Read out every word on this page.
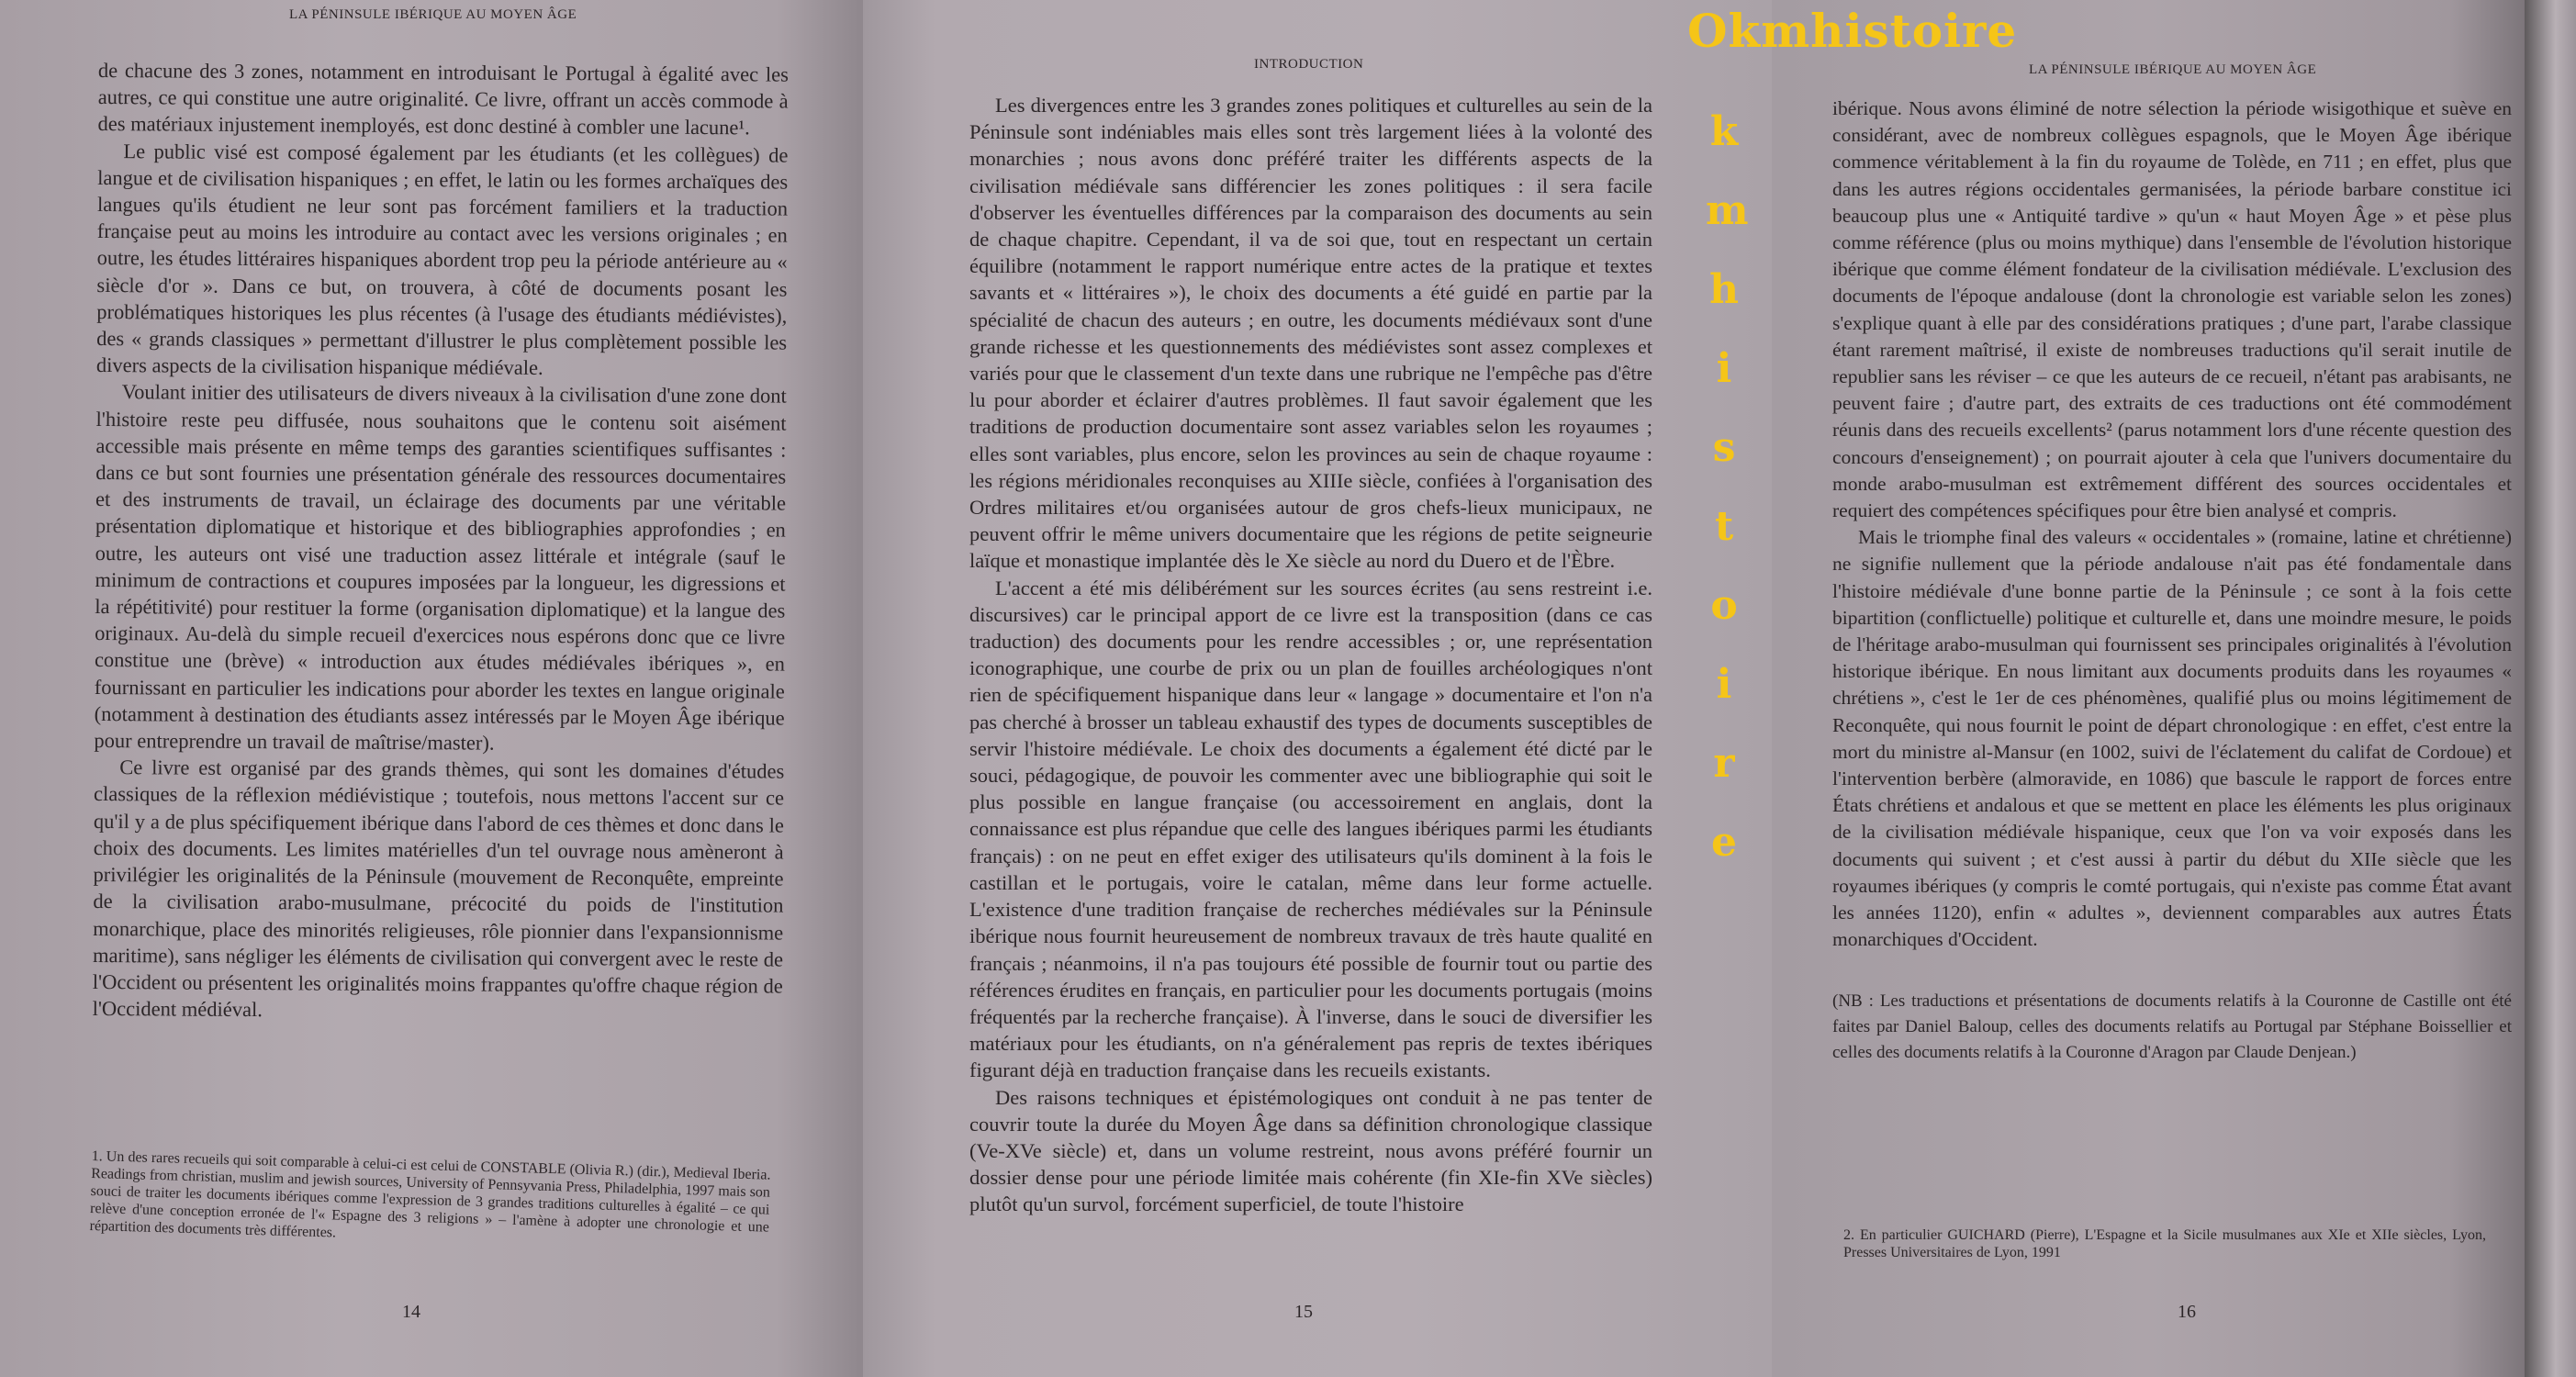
LA PÉNINSULE IBÉRIQUE AU MOYEN ÂGE

de chacune des 3 zones, notamment en introduisant le Portugal à égalité avec les autres, ce qui constitue une autre originalité. Ce livre, offrant un accès commode à des matériaux injustement inemployés, est donc destiné à combler une lacune¹.

Le public visé est composé également par les étudiants (et les collègues) de langue et de civilisation hispaniques ; en effet, le latin ou les formes archaïques des langues qu'ils étudient ne leur sont pas forcément familiers et la traduction française peut au moins les introduire au contact avec les versions originales ; en outre, les études littéraires hispaniques abordent trop peu la période antérieure au « siècle d'or ». Dans ce but, on trouvera, à côté de documents posant les problématiques historiques les plus récentes (à l'usage des étudiants médiévistes), des « grands classiques » permettant d'illustrer le plus complètement possible les divers aspects de la civilisation hispanique médiévale.

Voulant initier des utilisateurs de divers niveaux à la civilisation d'une zone dont l'histoire reste peu diffusée, nous souhaitons que le contenu soit aisément accessible mais présente en même temps des garanties scientifiques suffisantes : dans ce but sont fournies une présentation générale des ressources documentaires et des instruments de travail, un éclairage des documents par une véritable présentation diplomatique et historique et des bibliographies approfondies ; en outre, les auteurs ont visé une traduction assez littérale et intégrale (sauf le minimum de contractions et coupures imposées par la longueur, les digressions et la répétitivité) pour restituer la forme (organisation diplomatique) et la langue des originaux. Au-delà du simple recueil d'exercices nous espérons donc que ce livre constitue une (brève) « introduction aux études médiévales ibériques », en fournissant en particulier les indications pour aborder les textes en langue originale (notamment à destination des étudiants assez intéressés par le Moyen Âge ibérique pour entreprendre un travail de maîtrise/master).

Ce livre est organisé par des grands thèmes, qui sont les domaines d'études classiques de la réflexion médiévistique ; toutefois, nous mettons l'accent sur ce qu'il y a de plus spécifiquement ibérique dans l'abord de ces thèmes et donc dans le choix des documents. Les limites matérielles d'un tel ouvrage nous amèneront à privilégier les originalités de la Péninsule (mouvement de Reconquête, empreinte de la civilisation arabo-musulmane, précocité du poids de l'institution monarchique, place des minorités religieuses, rôle pionnier dans l'expansionnisme maritime), sans négliger les éléments de civilisation qui convergent avec le reste de l'Occident ou présentent les originalités moins frappantes qu'offre chaque région de l'Occident médiéval.

1. Un des rares recueils qui soit comparable à celui-ci est celui de CONSTABLE (Olivia R.) (dir.), Medieval Iberia. Readings from christian, muslim and jewish sources, University of Pennsyvania Press, Philadelphia, 1997 mais son souci de traiter les documents ibériques comme l'expression de 3 grandes traditions culturelles à égalité – ce qui relève d'une conception erronée de l'« Espagne des 3 religions » – l'amène à adopter une chronologie et une répartition des documents très différentes.
14
INTRODUCTION

Les divergences entre les 3 grandes zones politiques et culturelles au sein de la Péninsule sont indéniables mais elles sont très largement liées à la volonté des monarchies ; nous avons donc préféré traiter les différents aspects de la civilisation médiévale sans différencier les zones politiques : il sera facile d'observer les éventuelles différences par la comparaison des documents au sein de chaque chapitre. Cependant, il va de soi que, tout en respectant un certain équilibre (notamment le rapport numérique entre actes de la pratique et textes savants et « littéraires »), le choix des documents a été guidé en partie par la spécialité de chacun des auteurs ; en outre, les documents médiévaux sont d'une grande richesse et les questionnements des médiévistes sont assez complexes et variés pour que le classement d'un texte dans une rubrique ne l'empêche pas d'être lu pour aborder et éclairer d'autres problèmes. Il faut savoir également que les traditions de production documentaire sont assez variables selon les royaumes ; elles sont variables, plus encore, selon les provinces au sein de chaque royaume : les régions méridionales reconquises au XIIIe siècle, confiées à l'organisation des Ordres militaires et/ou organisées autour de gros chefs-lieux municipaux, ne peuvent offrir le même univers documentaire que les régions de petite seigneurie laïque et monastique implantée dès le Xe siècle au nord du Duero et de l'Èbre.

L'accent a été mis délibérément sur les sources écrites (au sens restreint i.e. discursives) car le principal apport de ce livre est la transposition (dans ce cas traduction) des documents pour les rendre accessibles ; or, une représentation iconographique, une courbe de prix ou un plan de fouilles archéologiques n'ont rien de spécifiquement hispanique dans leur « langage » documentaire et l'on n'a pas cherché à brosser un tableau exhaustif des types de documents susceptibles de servir l'histoire médiévale. Le choix des documents a également été dicté par le souci, pédagogique, de pouvoir les commenter avec une bibliographie qui soit le plus possible en langue française (ou accessoirement en anglais, dont la connaissance est plus répandue que celle des langues ibériques parmi les étudiants français) : on ne peut en effet exiger des utilisateurs qu'ils dominent à la fois le castillan et le portugais, voire le catalan, même dans leur forme actuelle. L'existence d'une tradition française de recherches médiévales sur la Péninsule ibérique nous fournit heureusement de nombreux travaux de très haute qualité en français ; néanmoins, il n'a pas toujours été possible de fournir tout ou partie des références érudites en français, en particulier pour les documents portugais (moins fréquentés par la recherche française). À l'inverse, dans le souci de diversifier les matériaux pour les étudiants, on n'a généralement pas repris de textes ibériques figurant déjà en traduction française dans les recueils existants.

Des raisons techniques et épistémologiques ont conduit à ne pas tenter de couvrir toute la durée du Moyen Âge dans sa définition chronologique classique (Ve-XVe siècle) et, dans un volume restreint, nous avons préféré fournir un dossier dense pour une période limitée mais cohérente (fin XIe-fin XVe siècles) plutôt qu'un survol, forcément superficiel, de toute l'histoire

15
LA PÉNINSULE IBÉRIQUE AU MOYEN ÂGE

ibérique. Nous avons éliminé de notre sélection la période wisigothique et suève en considérant, avec de nombreux collègues espagnols, que le Moyen Âge ibérique commence véritablement à la fin du royaume de Tolède, en 711 ; en effet, plus que dans les autres régions occidentales germanisées, la période barbare constitue ici beaucoup plus une « Antiquité tardive » qu'un « haut Moyen Âge » et pèse plus comme référence (plus ou moins mythique) dans l'ensemble de l'évolution historique ibérique que comme élément fondateur de la civilisation médiévale. L'exclusion des documents de l'époque andalouse (dont la chronologie est variable selon les zones) s'explique quant à elle par des considérations pratiques ; d'une part, l'arabe classique étant rarement maîtrisé, il existe de nombreuses traductions qu'il serait inutile de republier sans les réviser – ce que les auteurs de ce recueil, n'étant pas arabisants, ne peuvent faire ; d'autre part, des extraits de ces traductions ont été commodément réunis dans des recueils excellents² (parus notamment lors d'une récente question des concours d'enseignement) ; on pourrait ajouter à cela que l'univers documentaire du monde arabo-musulman est extrêmement différent des sources occidentales et requiert des compétences spécifiques pour être bien analysé et compris.

Mais le triomphe final des valeurs « occidentales » (romaine, latine et chrétienne) ne signifie nullement que la période andalouse n'ait pas été fondamentale dans l'histoire médiévale d'une bonne partie de la Péninsule ; ce sont à la fois cette bipartition (conflictuelle) politique et culturelle et, dans une moindre mesure, le poids de l'héritage arabo-musulman qui fournissent ses principales originalités à l'évolution historique ibérique. En nous limitant aux documents produits dans les royaumes « chrétiens », c'est le 1er de ces phénomènes, qualifié plus ou moins légitimement de Reconquête, qui nous fournit le point de départ chronologique : en effet, c'est entre la mort du ministre al-Mansur (en 1002, suivi de l'éclatement du califat de Cordoue) et l'intervention berbère (almoravide, en 1086) que bascule le rapport de forces entre États chrétiens et andalous et que se mettent en place les éléments les plus originaux de la civilisation médiévale hispanique, ceux que l'on va voir exposés dans les documents qui suivent ; et c'est aussi à partir du début du XIIe siècle que les royaumes ibériques (y compris le comté portugais, qui n'existe pas comme État avant les années 1120), enfin « adultes », deviennent comparables aux autres États monarchiques d'Occident.

(NB : Les traductions et présentations de documents relatifs à la Couronne de Castille ont été faites par Daniel Baloup, celles des documents relatifs au Portugal par Stéphane Boissellier et celles des documents relatifs à la Couronne d'Aragon par Claude Denjean.)

2. En particulier GUICHARD (Pierre), L'Espagne et la Sicile musulmanes aux XIe et XIIe siècles, Lyon, Presses Universitaires de Lyon, 1991
16
Okmhistoire
k
m
h
i
s
t
o
i
r
e
